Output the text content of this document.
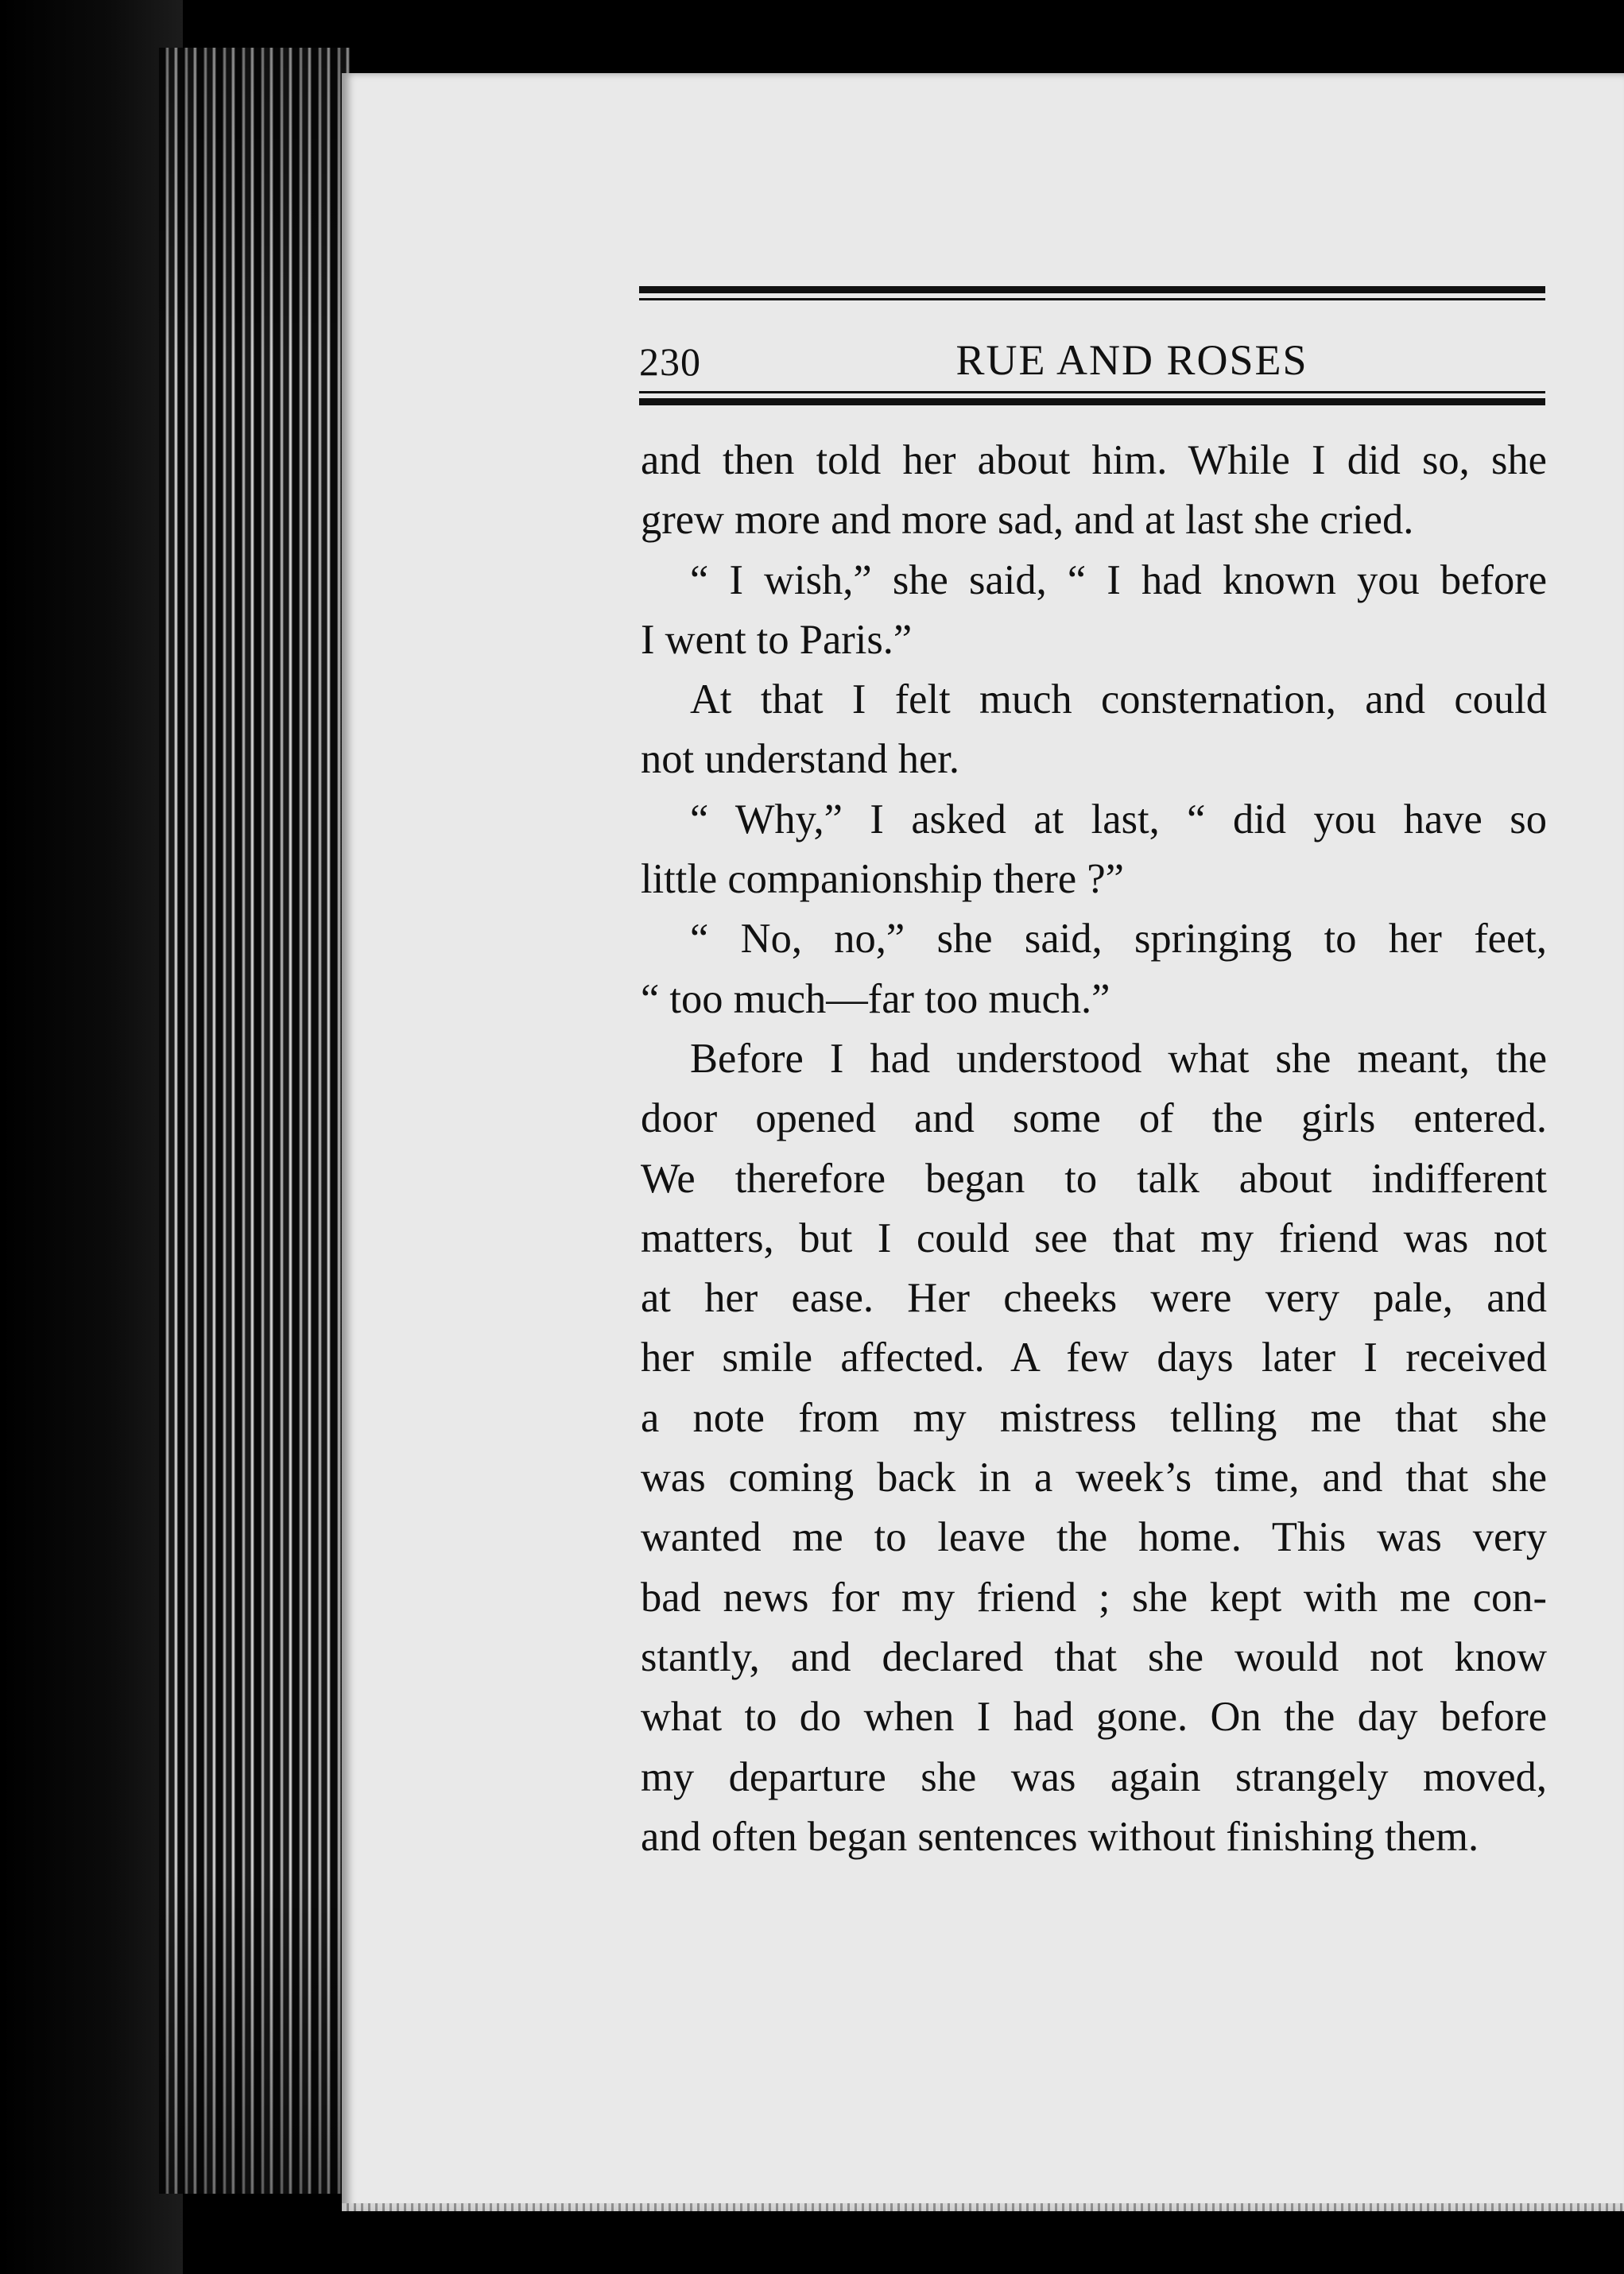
230	RUE AND ROSES
and then told her about him. While I did so, she
grew more and more sad, and at last she cried.
“ I wish,” she said, “ I had known you before
I went to Paris.”
At that I felt much consternation, and could
not understand her.
“ Why,” I asked at last, “ did you have so
little companionship there ?”
“ No, no,” she said, springing to her feet,
“ too much—far too much.”
Before I had understood what she meant, the
door opened and some of the girls entered.
We therefore began to talk about indifferent
matters, but I could see that my friend was not
at her ease. Her cheeks were very pale, and
her smile affected. A few days later I received
a note from my mistress telling me that she
was coming back in a week’s time, and that she
wanted me to leave the home. This was very
bad news for my friend ; she kept with me con-
stantly, and declared that she would not know
what to do when I had gone. On the day before
my departure she was again strangely moved,
and often began sentences without finishing them.
